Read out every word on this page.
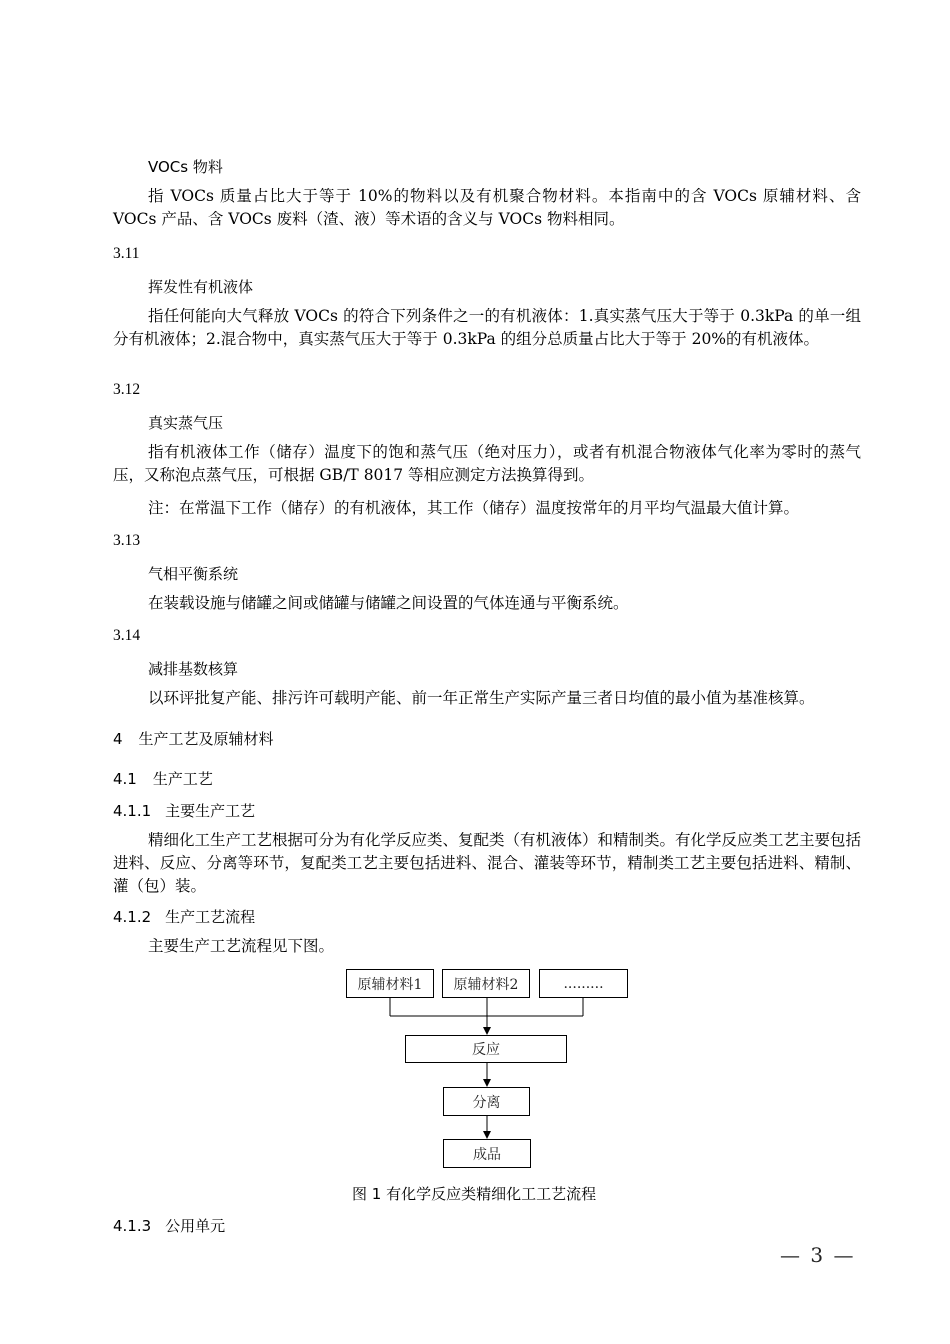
VOCs 物料
指 VOCs 质量占比大于等于 10%的物料以及有机聚合物材料。本指南中的含 VOCs 原辅材料、含 VOCs 产品、含 VOCs 废料（渣、液）等术语的含义与 VOCs 物料相同。
3.11
挥发性有机液体
指任何能向大气释放 VOCs 的符合下列条件之一的有机液体：1.真实蒸气压大于等于 0.3kPa 的单一组分有机液体；2.混合物中，真实蒸气压大于等于 0.3kPa 的组分总质量占比大于等于 20%的有机液体。
3.12
真实蒸气压
指有机液体工作（储存）温度下的饱和蒸气压（绝对压力），或者有机混合物液体气化率为零时的蒸气压，又称泡点蒸气压，可根据 GB/T 8017 等相应测定方法换算得到。
注：在常温下工作（储存）的有机液体，其工作（储存）温度按常年的月平均气温最大值计算。
3.13
气相平衡系统
在装载设施与储罐之间或储罐与储罐之间设置的气体连通与平衡系统。
3.14
减排基数核算
以环评批复产能、排污许可载明产能、前一年正常生产实际产量三者日均值的最小值为基准核算。
4 生产工艺及原辅材料
4.1 生产工艺
4.1.1 主要生产工艺
精细化工生产工艺根据可分为有化学反应类、复配类（有机液体）和精制类。有化学反应类工艺主要包括进料、反应、分离等环节，复配类工艺主要包括进料、混合、灌装等环节，精制类工艺主要包括进料、精制、灌（包）装。
4.1.2 生产工艺流程
主要生产工艺流程见下图。
原辅材料1	原辅材料2	.........
反应
分离
成品
图 1 有化学反应类精细化工工艺流程
4.1.3 公用单元
— 3 —
